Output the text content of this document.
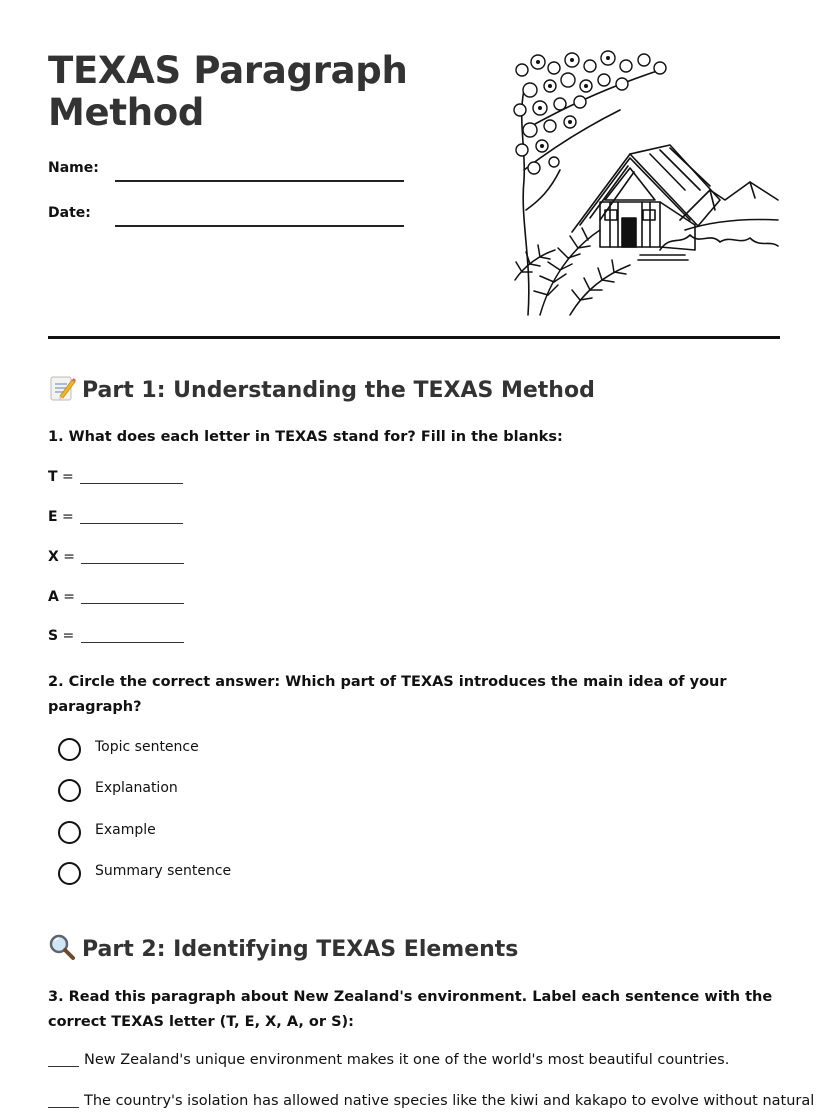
TEXAS Paragraph Method
Name:
Date:
Part 1: Understanding the TEXAS Method

1. What does each letter in TEXAS stand for? Fill in the blanks:

T =
E =
X =
A =
S =

2. Circle the correct answer: Which part of TEXAS introduces the main idea of your paragraph?

Topic sentence
Explanation
Example
Summary sentence
Part 2: Identifying TEXAS Elements

3. Read this paragraph about New Zealand's environment. Label each sentence with the correct TEXAS letter (T, E, X, A, or S):

New Zealand's unique environment makes it one of the world's most beautiful countries.
The country's isolation has allowed native species like the kiwi and kakapo to evolve without natural
